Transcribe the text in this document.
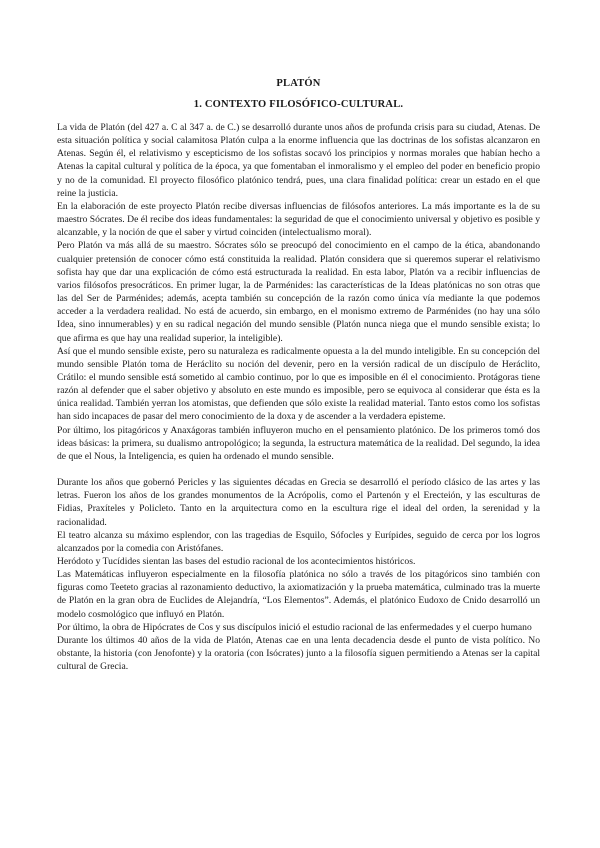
PLATÓN
1. CONTEXTO FILOSÓFICO-CULTURAL.

La vida de Platón (del 427 a. C al 347 a. de C.) se desarrolló durante unos años de profunda crisis para su ciudad, Atenas. De esta situación política y social calamitosa Platón culpa a la enorme influencia que las doctrinas de los sofistas alcanzaron en Atenas. Según él, el relativismo y escepticismo de los sofistas socavó los principios y normas morales que habían hecho a Atenas la capital cultural y política de la época, ya que fomentaban el inmoralismo y el empleo del poder en beneficio propio y no de la comunidad. El proyecto filosófico platónico tendrá, pues, una clara finalidad política: crear un estado en el que reine la justicia.

En la elaboración de este proyecto Platón recibe diversas influencias de filósofos anteriores. La más importante es la de su maestro Sócrates. De él recibe dos ideas fundamentales: la seguridad de que el conocimiento universal y objetivo es posible y alcanzable, y la noción de que el saber y virtud coinciden (intelectualismo moral).

Pero Platón va más allá de su maestro. Sócrates sólo se preocupó del conocimiento en el campo de la ética, abandonando cualquier pretensión de conocer cómo está constituida la realidad. Platón considera que si queremos superar el relativismo sofista hay que dar una explicación de cómo está estructurada la realidad. En esta labor, Platón va a recibir influencias de varios filósofos presocráticos. En primer lugar, la de Parménides: las características de la Ideas platónicas no son otras que las del Ser de Parménides; además, acepta también su concepción de la razón como única vía mediante la que podemos acceder a la verdadera realidad. No está de acuerdo, sin embargo, en el monismo extremo de Parménides (no hay una sólo Idea, sino innumerables) y en su radical negación del mundo sensible (Platón nunca niega que el mundo sensible exista; lo que afirma es que hay una realidad superior, la inteligible).

Así que el mundo sensible existe, pero su naturaleza es radicalmente opuesta a la del mundo inteligible. En su concepción del mundo sensible Platón toma de Heráclito su noción del devenir, pero en la versión radical de un discípulo de Heráclito, Crátilo: el mundo sensible está sometido al cambio continuo, por lo que es imposible en él el conocimiento. Protágoras tiene razón al defender que el saber objetivo y absoluto en este mundo es imposible, pero se equivoca al considerar que ésta es la única realidad. También yerran los atomistas, que defienden que sólo existe la realidad material. Tanto estos como los sofistas han sido incapaces de pasar del mero conocimiento de la doxa y de ascender a la verdadera episteme.

Por último, los pitagóricos y Anaxágoras también influyeron mucho en el pensamiento platónico. De los primeros tomó dos ideas básicas: la primera, su dualismo antropológico; la segunda, la estructura matemática de la realidad. Del segundo, la idea de que el Nous, la Inteligencia, es quien ha ordenado el mundo sensible.

Durante los años que gobernó Pericles y las siguientes décadas en Grecia se desarrolló el período clásico de las artes y las letras. Fueron los años de los grandes monumentos de la Acrópolis, como el Partenón y el Erecteión, y las esculturas de Fidias, Praxíteles y Policleto. Tanto en la arquitectura como en la escultura rige el ideal del orden, la serenidad y la racionalidad.

El teatro alcanza su máximo esplendor, con las tragedias de Esquilo, Sófocles y Eurípides, seguido de cerca por los logros alcanzados por la comedia con Aristófanes.

Heródoto y Tucídides sientan las bases del estudio racional de los acontecimientos históricos.

Las Matemáticas influyeron especialmente en la filosofía platónica no sólo a través de los pitagóricos sino también con figuras como Teeteto gracias al razonamiento deductivo, la axiomatización y la prueba matemática, culminado tras la muerte de Platón en la gran obra de Euclides de Alejandría, “Los Elementos”. Además, el platónico Eudoxo de Cnido desarrolló un modelo cosmológico que influyó en Platón.

Por último, la obra de Hipócrates de Cos y sus discípulos inició el estudio racional de las enfermedades y el cuerpo humano

Durante los últimos 40 años de la vida de Platón, Atenas cae en una lenta decadencia desde el punto de vista político. No obstante, la historia (con Jenofonte) y la oratoria (con Isócrates) junto a la filosofía siguen permitiendo a Atenas ser la capital cultural de Grecia.
